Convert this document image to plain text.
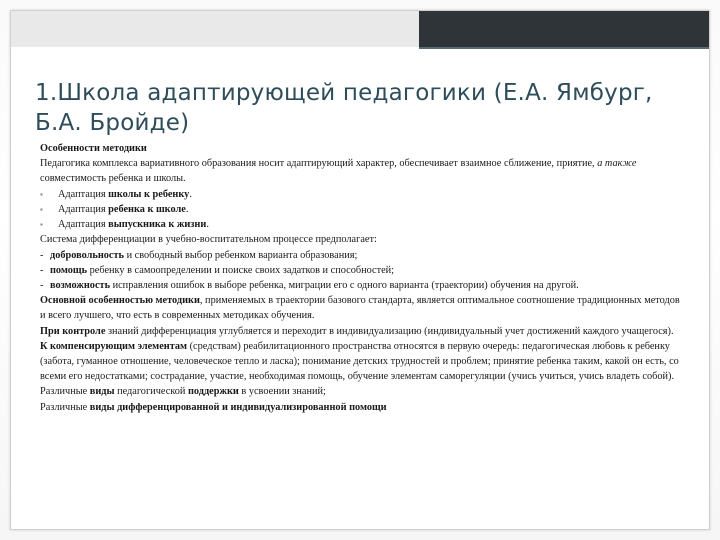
1.Школа адаптирующей педагогики (Е.А. Ямбург, Б.А. Бройде)

Особенности методики

Педагогика комплекса вариативного образования носит адаптирующий характер, обеспечивает взаимное сближение, приятие, а также совместимость ребенка и школы.

▪ Адаптация школы к ребенку.

▪ Адаптация ребенка к школе.

▪ Адаптация выпускника к жизни.

Система дифференциации в учебно-воспитательном процессе предполагает:

- добровольность и свободный выбор ребенком варианта образования;

- помощь ребенку в самоопределении и поиске своих задатков и способностей;

- возможность исправления ошибок в выборе ребенка, миграции его с одного варианта (траектории) обучения на другой.

Основной особенностью методики, применяемых в траектории базового стандарта, является оптимальное соотношение традиционных методов и всего лучшего, что есть в современных методиках обучения.

При контроле знаний дифференциация углубляется и переходит в индивидуализацию (индивидуальный учет достижений каждого учащегося).

К компенсирующим элементам (средствам) реабилитационного пространства относятся в первую очередь: педагогическая любовь к ребенку (забота, гуманное отношение, человеческое тепло и ласка); понимание детских трудностей и проблем; принятие ребенка таким, какой он есть, со всеми его недостатками; сострадание, участие, необходимая помощь, обучение элементам саморегуляции (учись учиться, учись владеть собой).

Различные виды педагогической поддержки в усвоении знаний;

Различные виды дифференцированной и индивидуализированной помощи
